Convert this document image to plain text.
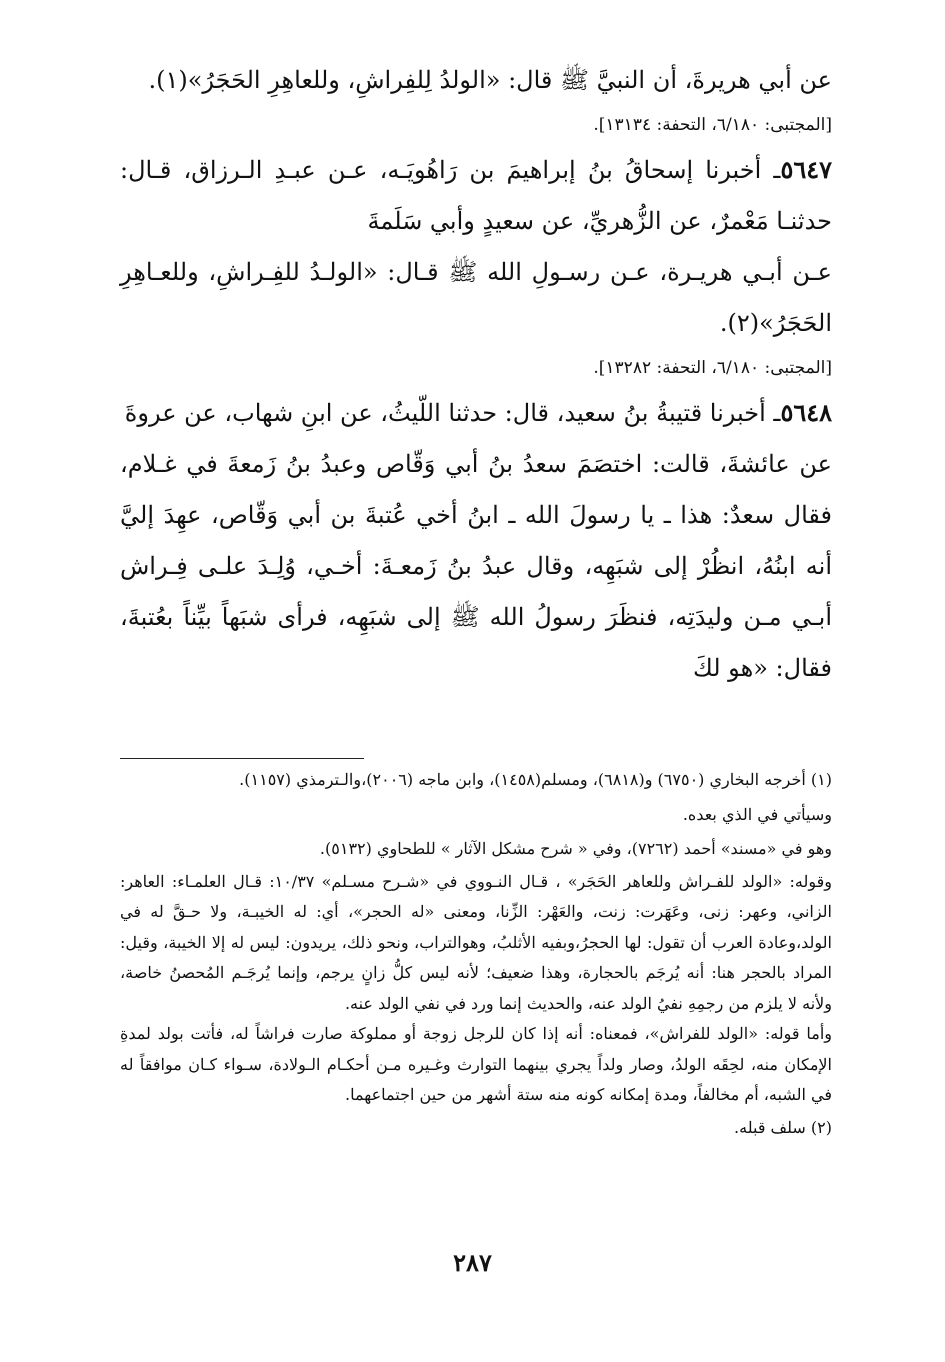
عن أبي هريرةَ، أن النبيَّ ﷺ قال: «الولدُ لِلفِراشِ، وللعاهِرِ الحَجَرُ»(١).

[المجتبى: ٦/١٨٠، التحفة: ١٣١٣٤].

٥٦٤٧ـ أخبرنا إسحاقُ بنُ إبراهيمَ بن رَاهُويَـه، عـن عبـدِ الـرزاق، قـال: حدثنـا مَعْمرٌ، عن الزُّهريِّ، عن سعيدٍ وأبي سَلَمةَ

عـن أبـي هريـرة، عـن رسـولِ الله ﷺ قـال: «الولـدُ للفِـراشِ، وللعـاهِرِ الحَجَرُ»(٢).

[المجتبى: ٦/١٨٠، التحفة: ١٣٢٨٢].

٥٦٤٨ـ أخبرنا قتيبةُ بنُ سعيد، قال: حدثنا اللّيثُ، عن ابنِ شهاب، عن عروةَ

عن عائشةَ، قالت: اختصَمَ سعدُ بنُ أبي وَقّاص وعبدُ بنُ زَمعةَ في غـلام، فقال سعدٌ: هذا ـ يا رسولَ الله ـ ابنُ أخي عُتبةَ بن أبي وَقّاص، عهِدَ إليَّ أنه ابنُهُ، انظُرْ إلى شبَهِه، وقال عبدُ بنُ زَمعـةَ: أخـي، وُلِـدَ علـى فِـراش أبـي مـن وليدَتِه، فنظَرَ رسولُ الله ﷺ إلى شبَهِه، فرأى شبَهاً بيِّناً بعُتبةَ، فقال: «هو لكَ

(١) أخرجه البخاري (٦٧٥٠) و(٦٨١٨)، ومسلم(١٤٥٨)، وابن ماجه (٢٠٠٦)،والـترمذي (١١٥٧).

وسيأتي في الذي بعده.

وهو في «مسند» أحمد (٧٢٦٢)، وفي « شرح مشكل الآثار » للطحاوي (٥١٣٢).

وقوله: «الولد للفـراش وللعاهر الحَجَر» ، قـال النـووي في «شـرح مسـلم» ١٠/٣٧: قـال العلمـاء: العاهر: الزاني، وعهر: زنى، وعَهَرت: زنت، والعَهْر: الزِّنا، ومعنى «له الحجر»، أي: له الخيبـة، ولا حـقَّ له في الولد،وعادة العرب أن تقول: لها الحجرُ،وبفيه الأثلبُ، وهوالتراب، ونحو ذلك، يريدون: ليس له إلا الخيبة، وقيل: المراد بالحجر هنا: أنه يُرجَم بالحجارة، وهذا ضعيف؛ لأنه ليس كلُّ زانٍ يرجم، وإنما يُرجَـم المُحصنُ خاصة، ولأنه لا يلزم من رجمِهِ نفيُ الولد عنه، والحديث إنما ورد في نفي الولد عنه.

وأما قوله: «الولد للفراش»، فمعناه: أنه إذا كان للرجل زوجة أو مملوكة صارت فراشاً له، فأتت بولد لمدةِ الإمكان منه، لحِقَه الولدُ، وصار ولداً يجري بينهما التوارث وغـيره مـن أحكـام الـولادة، سـواء كـان موافقاً له في الشبه، أم مخالفاً، ومدة إمكانه كونه منه ستة أشهر من حين اجتماعهما.

(٢) سلف قبله.

٢٨٧
